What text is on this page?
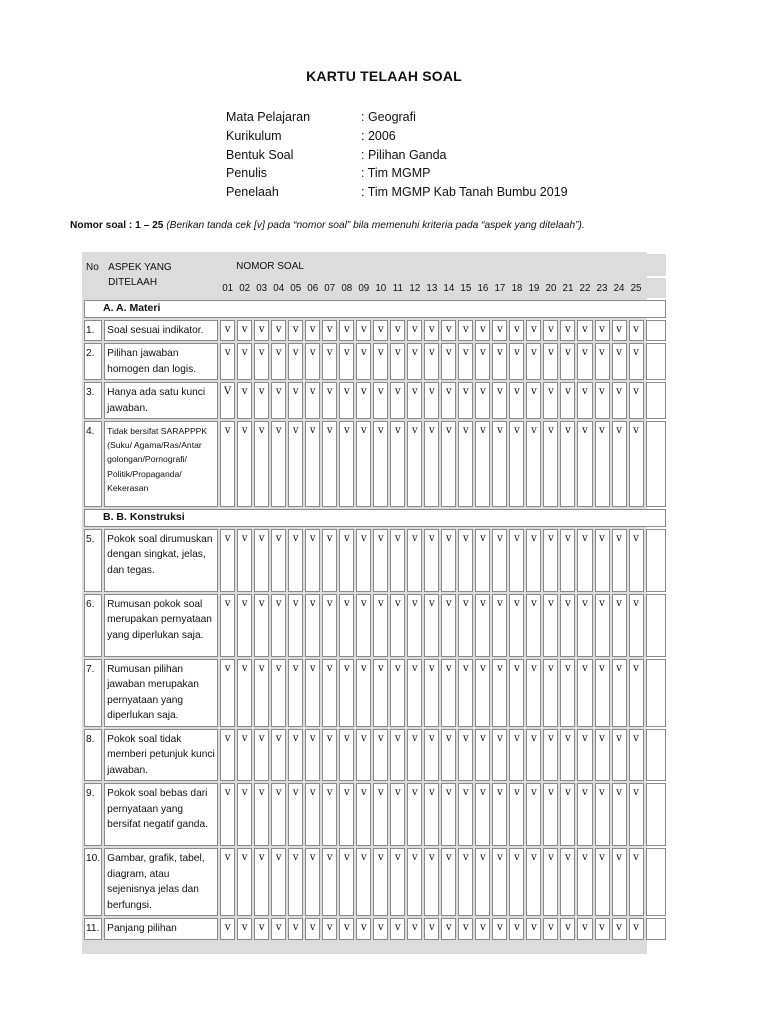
KARTU TELAAH SOAL
Mata Pelajaran	: Geografi
Kurikulum	: 2006
Bentuk Soal	: Pilihan Ganda
Penulis	: Tim MGMP
Penelaah	: Tim MGMP Kab Tanah Bumbu 2019
Nomor soal : 1 – 25 (Berikan tanda cek [v] pada “nomor soal” bila memenuhi kriteria pada “aspek yang ditelaah”).
No	ASPEK YANG DITELAAH	NOMOR SOAL																									
		01	02	03	04	05	06	07	08	09	10	11	12	13	14	15	16	17	18	19	20	21	22	23	24	25	
A. A. Materi																											
1.	Soal sesuai indikator.	v	v	v	v	v	v	v	v	v	v	v	v	v	v	v	v	v	v	v	v	v	v	v	v	v	
2.	Pilihan jawaban homogen dan logis.	v	v	v	v	v	v	v	v	v	v	v	v	v	v	v	v	v	v	v	v	v	v	v	v	v	
3.	Hanya ada satu kunci jawaban.	V	v	v	v	v	v	v	v	v	v	v	v	v	v	v	v	v	v	v	v	v	v	v	v	v	
4.	Tidak bersifat SARAPPPK (Suku/ Agama/Ras/Antar golongan/Pornografi/ Politik/Propaganda/ Kekerasan	v	v	v	v	v	v	v	v	v	v	v	v	v	v	v	v	v	v	v	v	v	v	v	v	v	
B. B. Konstruksi																											
5.	Pokok soal dirumuskan dengan singkat, jelas, dan tegas.	v	v	v	v	v	v	v	v	v	v	v	v	v	v	v	v	v	v	v	v	v	v	v	v	v	
6.	Rumusan pokok soal merupakan pernyataan yang diperlukan saja.	v	v	v	v	v	v	v	v	v	v	v	v	v	v	v	v	v	v	v	v	v	v	v	v	v	
7.	Rumusan pilihan jawaban merupakan pernyataan yang diperlukan saja.	v	v	v	v	v	v	v	v	v	v	v	v	v	v	v	v	v	v	v	v	v	v	v	v	v	
8.	Pokok soal tidak memberi petunjuk kunci jawaban.	v	v	v	v	v	v	v	v	v	v	v	v	v	v	v	v	v	v	v	v	v	v	v	v	v	
9.	Pokok soal bebas dari pernyataan yang bersifat negatif ganda.	v	v	v	v	v	v	v	v	v	v	v	v	v	v	v	v	v	v	v	v	v	v	v	v	v	
10.	Gambar, grafik, tabel, diagram, atau sejenisnya jelas dan berfungsi.	v	v	v	v	v	v	v	v	v	v	v	v	v	v	v	v	v	v	v	v	v	v	v	v	v	
11.	Panjang pilihan	v	v	v	v	v	v	v	v	v	v	v	v	v	v	v	v	v	v	v	v	v	v	v	v	v	
